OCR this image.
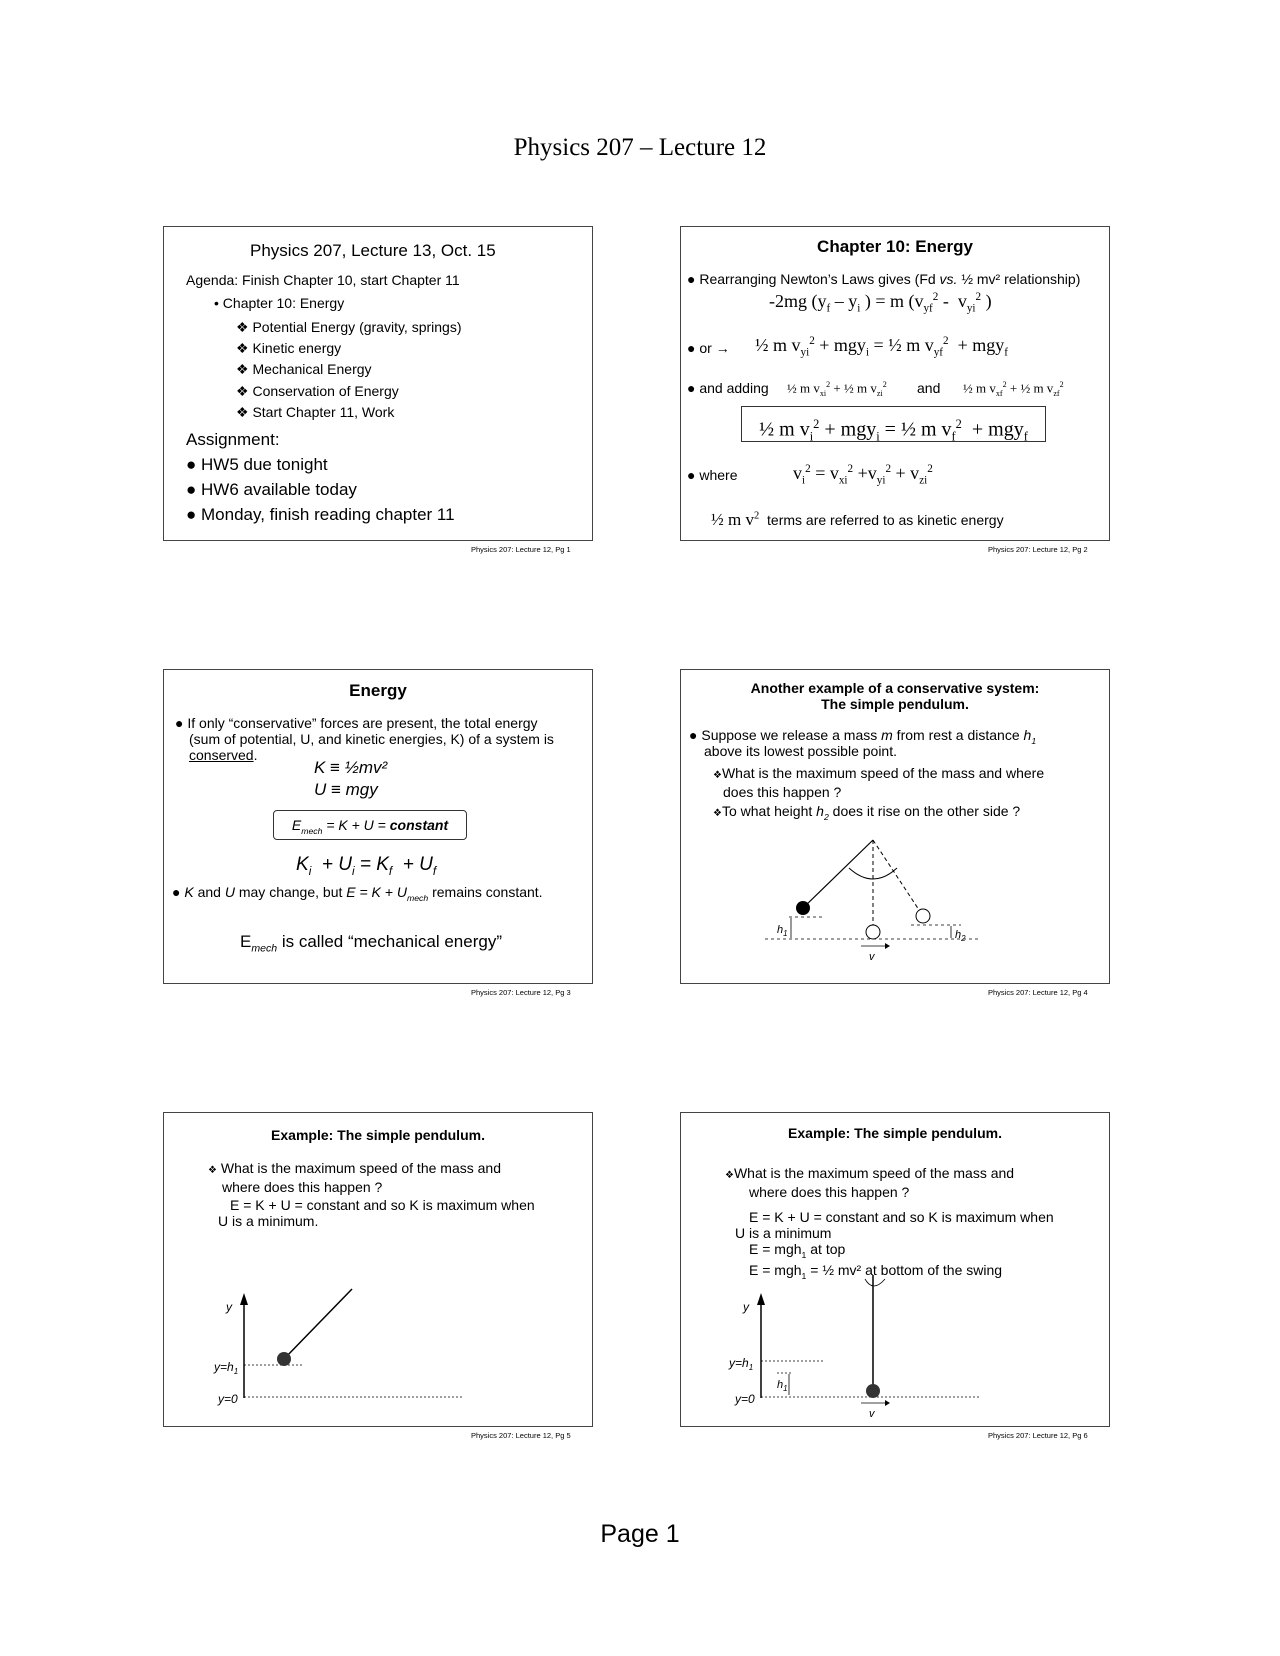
Physics 207 – Lecture 12
Physics 207, Lecture 13, Oct. 15
Agenda: Finish Chapter 10, start Chapter 11
• Chapter 10: Energy
❖ Potential Energy (gravity, springs)
❖ Kinetic energy
❖ Mechanical Energy
❖ Conservation of Energy
❖ Start Chapter 11, Work
Assignment:
● HW5 due tonight
● HW6 available today
● Monday, finish reading chapter 11
Physics 207: Lecture 12, Pg 1
Chapter 10: Energy
● Rearranging Newton’s Laws gives (Fd vs. ½ mv² relationship)
-2mg ($y_f - y_i$ ) = m ($v_{yf}^2 - v_{yi}^2$ )
● or → ½ m $v_{yi}^2 + mgy_i$ = ½ m $v_{yf}^2 + mgy_f$
● and adding ½ m $v_{xi}^2$ + ½ m $v_{zi}^2$ and ½ m $v_{xf}^2$ + ½ m $v_{zf}^2$
½ m $v_i^2 + mgy_i$ = ½ m $v_f^2 + mgy_f$
● where	$v_i^2 = v_{xi}^2 +v_{yi}^2 + v_{zi}^2$
½ m $v^2$ terms are referred to as kinetic energy
Physics 207: Lecture 12, Pg 2
Energy
● If only “conservative” forces are present, the total energy
(sum of potential, U, and kinetic energies, K) of a system is
conserved.
K ≡ ½mv²
U ≡ mgy
$E_{mech} = K + U$ = constant
$K_i + U_i = K_f + U_f$
● K and U may change, but $E = K + U_{mech}$ remains constant.
$E_{mech}$ is called “mechanical energy”
Physics 207: Lecture 12, Pg 3
Another example of a conservative system:
The simple pendulum.
● Suppose we release a mass m from rest a distance $h_1$
above its lowest possible point.
❖What is the maximum speed of the mass and where
does this happen ?
❖To what height $h_2$ does it rise on the other side ?
$h_1$	$h_2$
v
Physics 207: Lecture 12, Pg 4
Example: The simple pendulum.
❖ What is the maximum speed of the mass and
where does this happen ?
E = K + U = constant and so K is maximum when
U is a minimum.
y
$y=h_1$
y=0
Physics 207: Lecture 12, Pg 5
Example: The simple pendulum.
❖What is the maximum speed of the mass and
where does this happen ?
E = K + U = constant and so K is maximum when
U is a minimum
E = mgh$_1$ at top
E = mgh$_1$ = ½ mv² at bottom of the swing
y
$y=h_1$
y=0
$h_1$
v
Physics 207: Lecture 12, Pg 6
Page 1
